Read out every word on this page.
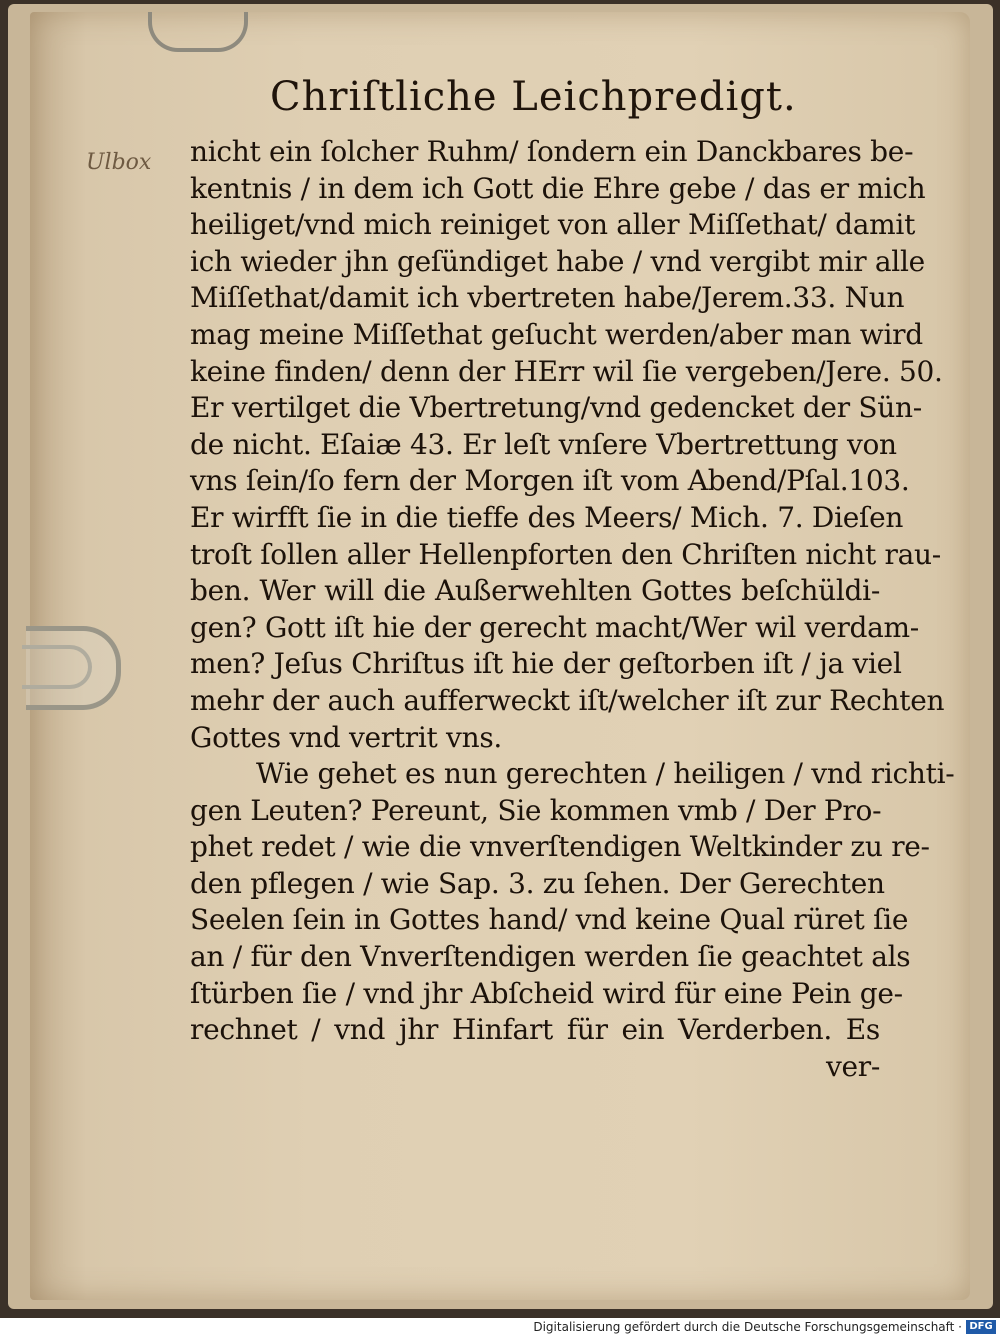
Ulbox
Chriſtliche Leichpredigt.
nicht ein ſolcher Ruhm/ ſondern ein Danckbares be-
kentnis / in dem ich Gott die Ehre gebe / das er mich
heiliget/vnd mich reiniget von aller Miſſethat/ damit
ich wieder jhn geſündiget habe / vnd vergibt mir alle
Miſſethat/damit ich vbertreten habe/Jerem.33. Nun
mag meine Miſſethat geſucht werden/aber man wird
keine finden/ denn der HErr wil ſie vergeben/Jere. 50.
Er vertilget die Vbertretung/vnd gedencket der Sün-
de nicht. Eſaiæ 43. Er leſt vnſere Vbertrettung von
vns ſein/ſo fern der Morgen iſt vom Abend/Pſal.103.
Er wirfft ſie in die tieffe des Meers/ Mich. 7. Dieſen
troſt ſollen aller Hellenpforten den Chriſten nicht rau-
ben. Wer will die Außerwehlten Gottes beſchüldi-
gen? Gott iſt hie der gerecht macht/Wer wil verdam-
men? Jeſus Chriſtus iſt hie der geſtorben iſt / ja viel
mehr der auch aufferweckt iſt/welcher iſt zur Rechten
Gottes vnd vertrit vns.
Wie gehet es nun gerechten / heiligen / vnd richti-
gen Leuten? Pereunt, Sie kommen vmb / Der Pro-
phet redet / wie die vnverſtendigen Weltkinder zu re-
den pflegen / wie Sap. 3. zu ſehen. Der Gerechten
Seelen ſein in Gottes hand/ vnd keine Qual rüret ſie
an / für den Vnverſtendigen werden ſie geachtet als
ſtürben ſie / vnd jhr Abſcheid wird für eine Pein ge-
rechnet / vnd jhr Hinfart für ein Verderben. Es
ver-
Digitalisierung gefördert durch die Deutsche Forschungsgemeinschaft · DFG
